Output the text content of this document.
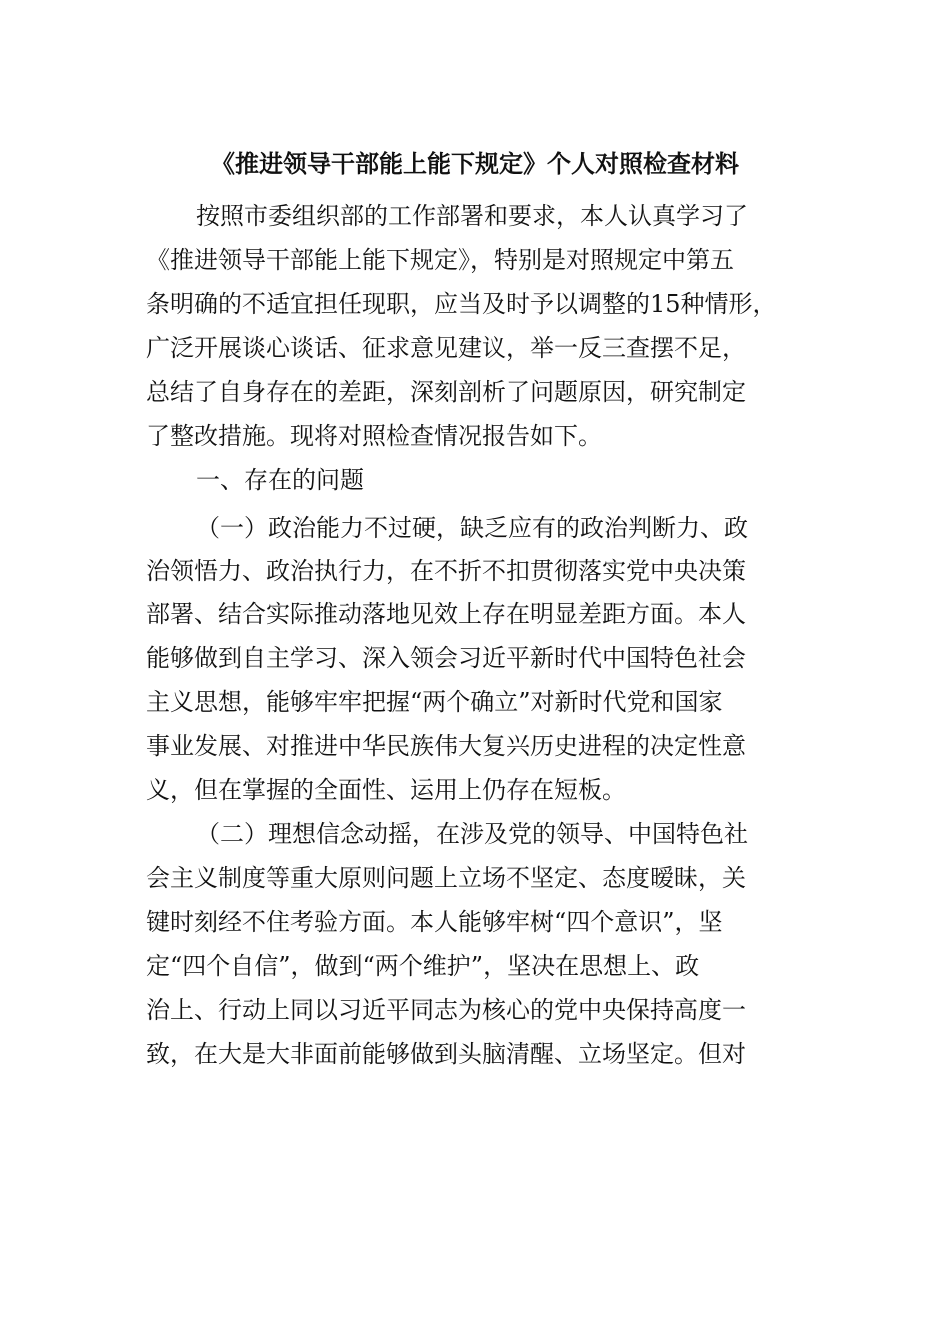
《推进领导干部能上能下规定》个人对照检查材料
按照市委组织部的工作部署和要求，本人认真学习了
《推进领导干部能上能下规定》，特别是对照规定中第五
条明确的不适宜担任现职，应当及时予以调整的15种情形，
广泛开展谈心谈话、征求意见建议，举一反三查摆不足，
总结了自身存在的差距，深刻剖析了问题原因，研究制定
了整改措施。现将对照检查情况报告如下。
一、存在的问题
（一）政治能力不过硬，缺乏应有的政治判断力、政
治领悟力、政治执行力，在不折不扣贯彻落实党中央决策
部署、结合实际推动落地见效上存在明显差距方面。本人
能够做到自主学习、深入领会习近平新时代中国特色社会
主义思想，能够牢牢把握“两个确立”对新时代党和国家
事业发展、对推进中华民族伟大复兴历史进程的决定性意
义，但在掌握的全面性、运用上仍存在短板。
（二）理想信念动摇，在涉及党的领导、中国特色社
会主义制度等重大原则问题上立场不坚定、态度暧昧，关
键时刻经不住考验方面。本人能够牢树“四个意识”，坚
定“四个自信”，做到“两个维护”，坚决在思想上、政
治上、行动上同以习近平同志为核心的党中央保持高度一
致，在大是大非面前能够做到头脑清醒、立场坚定。但对
